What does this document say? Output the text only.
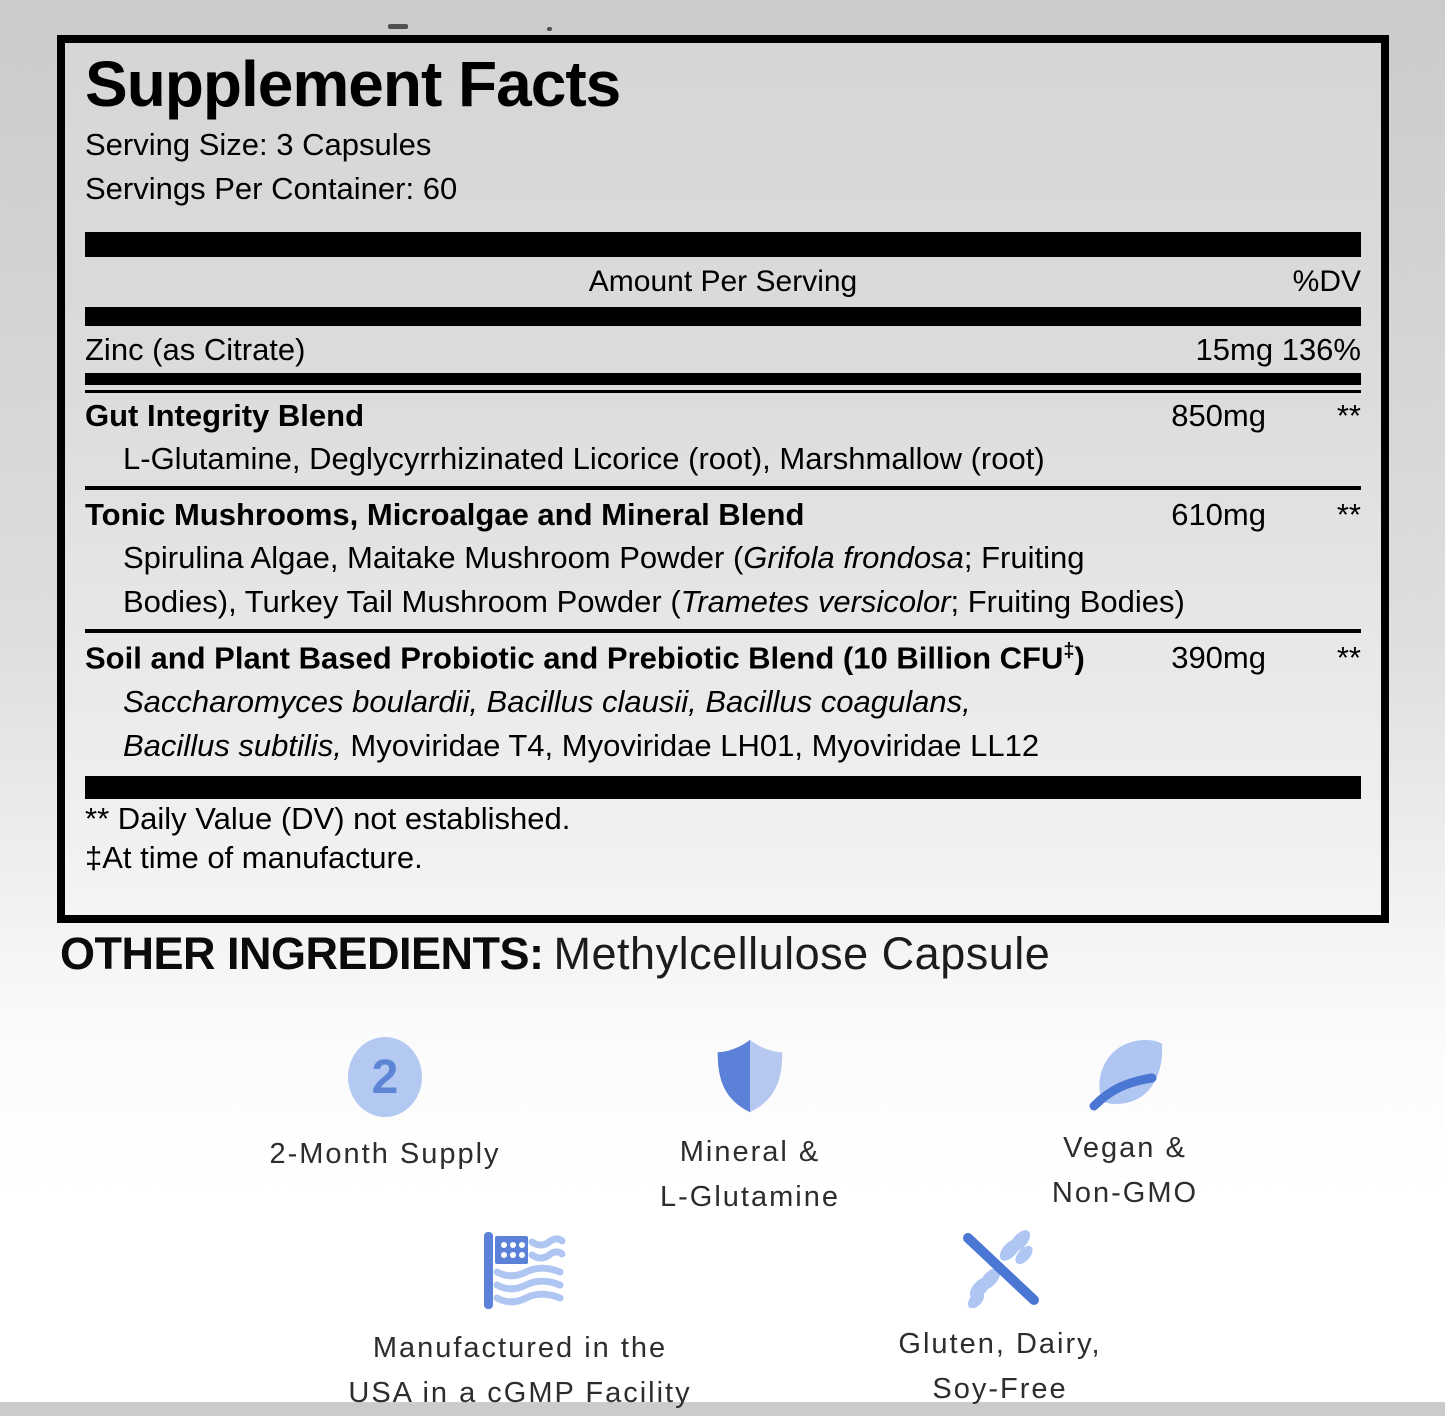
Supplement Facts
Serving Size: 3 Capsules
Servings Per Container: 60
Amount Per Serving	%DV
Zinc (as Citrate)	15mg 136%
Gut Integrity Blend	850mg	**
L-Glutamine, Deglycyrrhizinated Licorice (root), Marshmallow (root)
Tonic Mushrooms, Microalgae and Mineral Blend	610mg	**
Spirulina Algae, Maitake Mushroom Powder (Grifola frondosa; Fruiting
Bodies), Turkey Tail Mushroom Powder (Trametes versicolor; Fruiting Bodies)
Soil and Plant Based Probiotic and Prebiotic Blend (10 Billion CFU‡)	390mg	**
Saccharomyces boulardii, Bacillus clausii, Bacillus coagulans,
Bacillus subtilis, Myoviridae T4, Myoviridae LH01, Myoviridae LL12
** Daily Value (DV) not established.
‡At time of manufacture.
OTHER INGREDIENTS: Methylcellulose Capsule
2
2-Month Supply	Mineral &
L-Glutamine
Vegan &
Non-GMO
Manufactured in the
USA in a cGMP Facility
Gluten, Dairy,
Soy-Free
